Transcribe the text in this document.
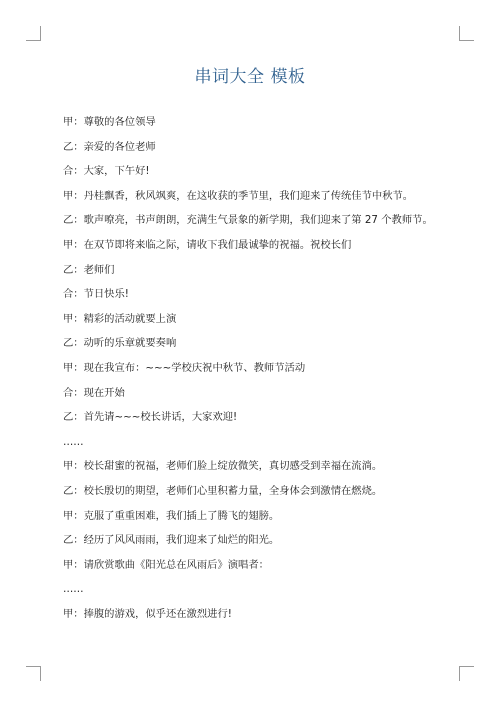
串词大全 模板
甲：尊敬的各位领导
乙：亲爱的各位老师
合：大家，下午好!
甲：丹桂飘香，秋风飒爽，在这收获的季节里，我们迎来了传统佳节中秋节。
乙：歌声嘹亮，书声朗朗，充满生气景象的新学期，我们迎来了第 27 个教师节。
甲：在双节即将来临之际，请收下我们最诚挚的祝福。祝校长们
乙：老师们
合：节日快乐!
甲：精彩的活动就要上演
乙：动听的乐章就要奏响
甲：现在我宣布：~~~学校庆祝中秋节、教师节活动
合：现在开始
乙：首先请~~~校长讲话，大家欢迎!
……
甲：校长甜蜜的祝福，老师们脸上绽放微笑，真切感受到幸福在流淌。
乙：校长殷切的期望，老师们心里积蓄力量，全身体会到激情在燃烧。
甲：克服了重重困难，我们插上了腾飞的翅膀。
乙：经历了风风雨雨，我们迎来了灿烂的阳光。
甲：请欣赏歌曲《阳光总在风雨后》演唱者：
……
甲：捧腹的游戏，似乎还在激烈进行!
